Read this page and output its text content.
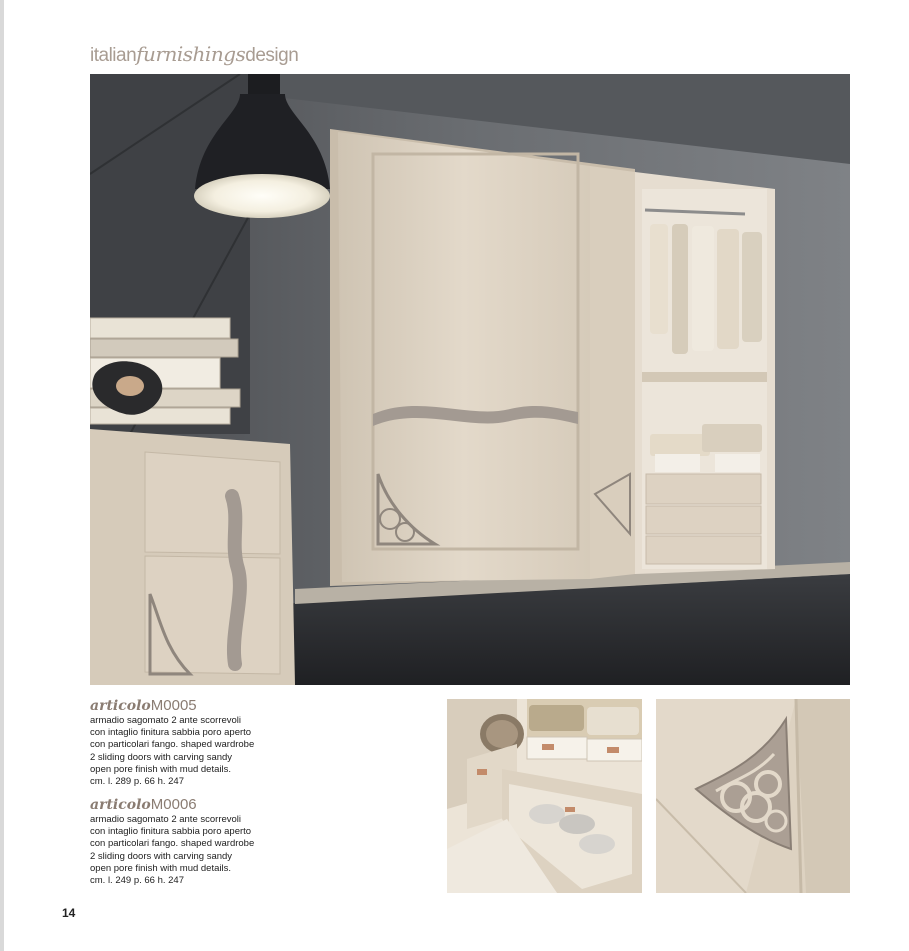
italianfurnishingsdesign
articoloM0005
armadio sagomato 2 ante scorrevoli
con intaglio finitura sabbia poro aperto
con particolari fango. shaped wardrobe
2 sliding doors with carving sandy
open pore finish with mud details.
cm. l. 289 p. 66 h. 247
articoloM0006
armadio sagomato 2 ante scorrevoli
con intaglio finitura sabbia poro aperto
con particolari fango. shaped wardrobe
2 sliding doors with carving sandy
open pore finish with mud details.
cm. l. 249 p. 66 h. 247
14
